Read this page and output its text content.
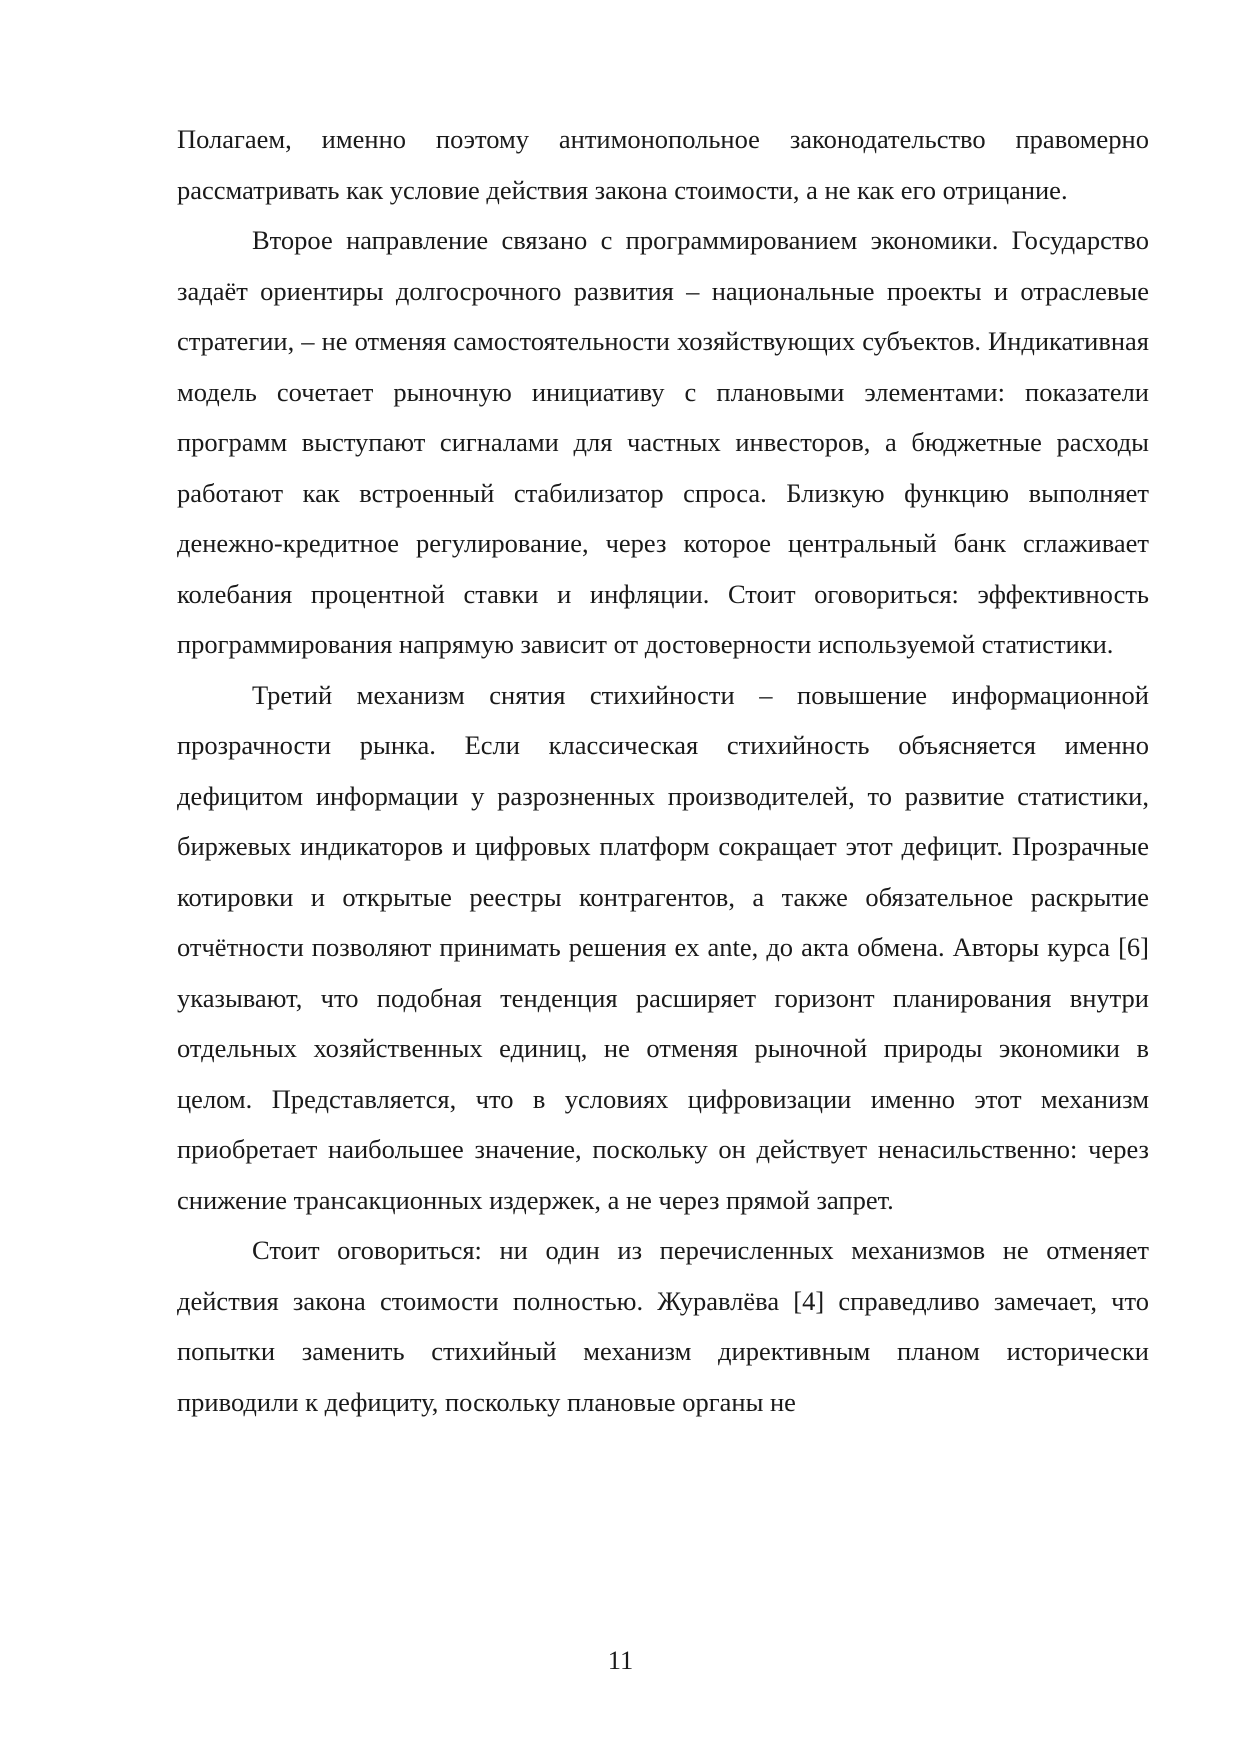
Полагаем, именно поэтому антимонопольное законодательство правомерно рассматривать как условие действия закона стоимости, а не как его отрицание.

Второе направление связано с программированием экономики. Государство задаёт ориентиры долгосрочного развития – национальные проекты и отраслевые стратегии, – не отменяя самостоятельности хозяйствующих субъектов. Индикативная модель сочетает рыночную инициативу с плановыми элементами: показатели программ выступают сигналами для частных инвесторов, а бюджетные расходы работают как встроенный стабилизатор спроса. Близкую функцию выполняет денежно-кредитное регулирование, через которое центральный банк сглаживает колебания процентной ставки и инфляции. Стоит оговориться: эффективность программирования напрямую зависит от достоверности используемой статистики.

Третий механизм снятия стихийности – повышение информационной прозрачности рынка. Если классическая стихийность объясняется именно дефицитом информации у разрозненных производителей, то развитие статистики, биржевых индикаторов и цифровых платформ сокращает этот дефицит. Прозрачные котировки и открытые реестры контрагентов, а также обязательное раскрытие отчётности позволяют принимать решения ex ante, до акта обмена. Авторы курса [6] указывают, что подобная тенденция расширяет горизонт планирования внутри отдельных хозяйственных единиц, не отменяя рыночной природы экономики в целом. Представляется, что в условиях цифровизации именно этот механизм приобретает наибольшее значение, поскольку он действует ненасильственно: через снижение трансакционных издержек, а не через прямой запрет.

Стоит оговориться: ни один из перечисленных механизмов не отменяет действия закона стоимости полностью. Журавлёва [4] справедливо замечает, что попытки заменить стихийный механизм директивным планом исторически приводили к дефициту, поскольку плановые органы не

11
